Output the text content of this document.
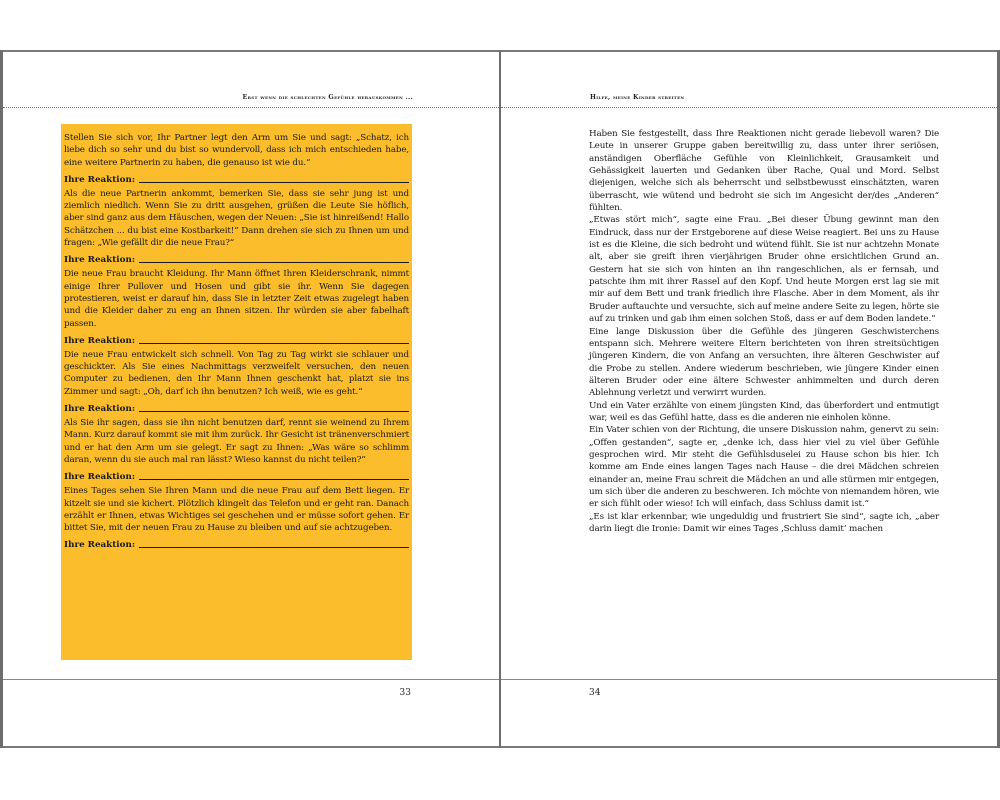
Erst wenn die schlechten Gefühle herauskommen ...

Stellen Sie sich vor, Ihr Partner legt den Arm um Sie und sagt: „Schatz, ich liebe dich so sehr und du bist so wundervoll, dass ich mich entschieden habe, eine weitere Partnerin zu haben, die genauso ist wie du.“

Ihre Reaktion:

Als die neue Partnerin ankommt, bemerken Sie, dass sie sehr jung ist und ziemlich niedlich. Wenn Sie zu dritt ausgehen, grüßen die Leute Sie höflich, aber sind ganz aus dem Häuschen, wegen der Neuen: „Sie ist hinreißend! Hallo Schätzchen ... du bist eine Kostbarkeit!“ Dann drehen sie sich zu Ihnen um und fragen: „Wie gefällt dir die neue Frau?“

Ihre Reaktion:

Die neue Frau braucht Kleidung. Ihr Mann öffnet Ihren Kleiderschrank, nimmt einige Ihrer Pullover und Hosen und gibt sie ihr. Wenn Sie dagegen protestieren, weist er darauf hin, dass Sie in letzter Zeit etwas zugelegt haben und die Kleider daher zu eng an Ihnen sitzen. Ihr würden sie aber fabelhaft passen.

Ihre Reaktion:

Die neue Frau entwickelt sich schnell. Von Tag zu Tag wirkt sie schlauer und geschickter. Als Sie eines Nachmittags verzweifelt versuchen, den neuen Computer zu bedienen, den Ihr Mann Ihnen geschenkt hat, platzt sie ins Zimmer und sagt: „Oh, darf ich ihn benutzen? Ich weiß, wie es geht.“

Ihre Reaktion:

Als Sie ihr sagen, dass sie ihn nicht benutzen darf, rennt sie weinend zu Ihrem Mann. Kurz darauf kommt sie mit ihm zurück. Ihr Gesicht ist tränenverschmiert und er hat den Arm um sie gelegt. Er sagt zu Ihnen: „Was wäre so schlimm daran, wenn du sie auch mal ran lässt? Wieso kannst du nicht teilen?“

Ihre Reaktion:

Eines Tages sehen Sie Ihren Mann und die neue Frau auf dem Bett liegen. Er kitzelt sie und sie kichert. Plötzlich klingelt das Telefon und er geht ran. Danach erzählt er Ihnen, etwas Wichtiges sei geschehen und er müsse sofort gehen. Er bittet Sie, mit der neuen Frau zu Hause zu bleiben und auf sie achtzugeben.

Ihre Reaktion:

33

Hilfe, meine Kinder streiten

Haben Sie festgestellt, dass Ihre Reaktionen nicht gerade liebevoll waren? Die Leute in unserer Gruppe gaben bereitwillig zu, dass unter ihrer seriösen, anständigen Oberfläche Gefühle von Kleinlichkeit, Grausamkeit und Gehässigkeit lauerten und Gedanken über Rache, Qual und Mord. Selbst diejenigen, welche sich als beherrscht und selbstbewusst einschätzten, waren überrascht, wie wütend und bedroht sie sich im Angesicht der/des „Anderen“ fühlten.

„Etwas stört mich“, sagte eine Frau. „Bei dieser Übung gewinnt man den Eindruck, dass nur der Erstgeborene auf diese Weise reagiert. Bei uns zu Hause ist es die Kleine, die sich bedroht und wütend fühlt. Sie ist nur achtzehn Monate alt, aber sie greift ihren vierjährigen Bruder ohne ersichtlichen Grund an. Gestern hat sie sich von hinten an ihn rangeschlichen, als er fernsah, und patschte ihm mit ihrer Rassel auf den Kopf. Und heute Morgen erst lag sie mit mir auf dem Bett und trank friedlich ihre Flasche. Aber in dem Moment, als ihr Bruder auftauchte und versuchte, sich auf meine andere Seite zu legen, hörte sie auf zu trinken und gab ihm einen solchen Stoß, dass er auf dem Boden landete.“

Eine lange Diskussion über die Gefühle des jüngeren Geschwisterchens entspann sich. Mehrere weitere Eltern berichteten von ihren streitsüchtigen jüngeren Kindern, die von Anfang an versuchten, ihre älteren Geschwister auf die Probe zu stellen. Andere wiederum beschrieben, wie jüngere Kinder einen älteren Bruder oder eine ältere Schwester anhimmelten und durch deren Ablehnung verletzt und verwirrt wurden.

Und ein Vater erzählte von einem jüngsten Kind, das überfordert und entmutigt war, weil es das Gefühl hatte, dass es die anderen nie einholen könne.

Ein Vater schien von der Richtung, die unsere Diskussion nahm, genervt zu sein: „Offen gestanden“, sagte er, „denke ich, dass hier viel zu viel über Gefühle gesprochen wird. Mir steht die Gefühlsduselei zu Hause schon bis hier. Ich komme am Ende eines langen Tages nach Hause – die drei Mädchen schreien einander an, meine Frau schreit die Mädchen an und alle stürmen mir entgegen, um sich über die anderen zu beschweren. Ich möchte von niemandem hören, wie er sich fühlt oder wieso! Ich will einfach, dass Schluss damit ist.“

„Es ist klar erkennbar, wie ungeduldig und frustriert Sie sind“, sagte ich, „aber darin liegt die Ironie: Damit wir eines Tages ‚Schluss damit‘ machen

34
